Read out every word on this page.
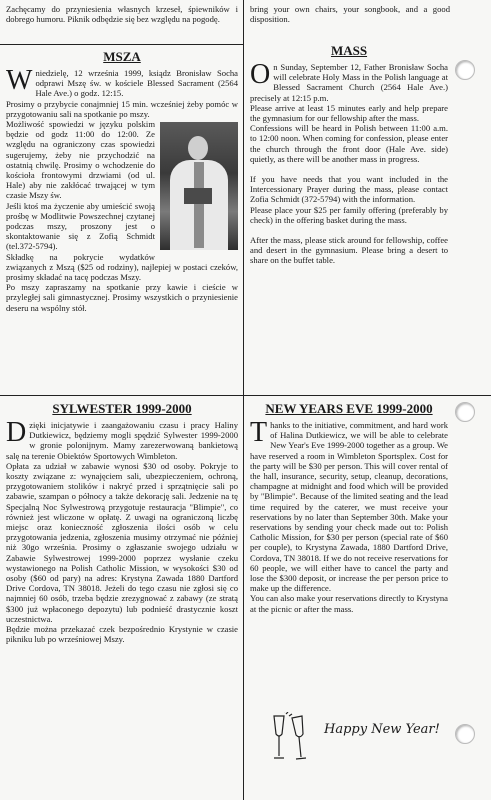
Zachęcamy do przyniesienia własnych krzeseł, śpiewników i dobrego humoru. Piknik odbędzie się bez względu na pogodę.

bring your own chairs, your songbook, and a good disposition.

MSZA
W niedzielę, 12 września 1999, ksiądz Bronisław Socha odprawi Mszę św. w kościele Blessed Sacrament (2564 Hale Ave.) o godz. 12:15.

Prosimy o przybycie conajmniej 15 min. wcześniej żeby pomóc w przygotowaniu sali na spotkanie po mszy.

Możliwość spowiedzi w języku polskim będzie od godz 11:00 do 12:00. Ze względu na ograniczony czas spowiedzi sugerujemy, żeby nie przychodzić na ostatnią chwilę. Prosimy o wchodzenie do kościoła frontowymi drzwiami (od ul. Hale) aby nie zakłócać trwającej w tym czasie Mszy św.

Jeśli ktoś ma życzenie aby umieścić swoją prośbę w Modlitwie Powszechnej czytanej podczas mszy, proszony jest o skontaktowanie się z Zofią Schmidt (tel.372-5794).

Składkę na pokrycie wydatków związanych z Mszą ($25 od rodziny), najlepiej w postaci czeków, prosimy składać na tacę podczas Mszy.

Po mszy zapraszamy na spotkanie przy kawie i cieście w przyległej sali gimnastycznej. Prosimy wszystkich o przyniesienie deseru na wspólny stół.

MASS
O n Sunday, September 12, Father Bronisław Socha will celebrate Holy Mass in the Polish language at Blessed Sacrament Church (2564 Hale Ave.) precisely at 12:15 p.m.

Please arrive at least 15 minutes early and help prepare the gymnasium for our fellowship after the mass.

Confessions will be heard in Polish between 11:00 a.m. to 12:00 noon. When coming for confession, please enter the church through the front door (Hale Ave. side) quietly, as there will be another mass in progress.

If you have needs that you want included in the Intercessionary Prayer during the mass, please contact Zofia Schmidt (372-5794) with the information.

Please place your $25 per family offering (preferably by check) in the offering basket during the mass.

After the mass, please stick around for fellowship, coffee and desert in the gymnasium. Please bring a desert to share on the buffet table.

SYLWESTER 1999-2000
D zięki inicjatywie i zaangażowaniu czasu i pracy Haliny Dutkiewicz, będziemy mogli spędzić Sylwester 1999-2000 w gronie polonijnym. Mamy zarezerwowaną bankietową salę na terenie Obiektów Sportowych Wimbleton.

Opłata za udział w zabawie wynosi $30 od osoby. Pokryje to koszty związane z: wynajęciem sali, ubezpieczeniem, ochroną, przygotowaniem stolików i nakryć przed i sprzątnięcie sali po zabawie, szampan o północy a także dekorację sali. Jedzenie na tę Specjalną Noc Sylwestrową przygotuje restauracja "Blimpie", co również jest wliczone w opłatę. Z uwagi na ograniczoną liczbę miejsc oraz konieczność zgłoszenia ilości osób w celu przygotowania jedzenia, zgłoszenia musimy otrzymać nie później niż 30go września. Prosimy o zgłaszanie swojego udziału w Zabawie Sylwestrowej 1999-2000 poprzez wysłanie czeku wystawionego na Polish Catholic Mission, w wysokości $30 od osoby ($60 od pary) na adres: Krystyna Zawada 1880 Dartford Drive Cordova, TN 38018. Jeżeli do tego czasu nie zgłosi się co najmniej 60 osób, trzeba będzie zrezygnować z zabawy (ze stratą $300 już wpłaconego depozytu) lub podnieść drastycznie koszt uczestnictwa.

Będzie można przekazać czek bezpośrednio Krystynie w czasie pikniku lub po wrześniowej Mszy.

NEW YEARS EVE 1999-2000
T hanks to the initiative, commitment, and hard work of Halina Dutkiewicz, we will be able to celebrate New Year's Eve 1999-2000 together as a group. We have reserved a room in Wimbleton Sportsplex. Cost for the party will be $30 per person. This will cover rental of the hall, insurance, security, setup, cleanup, decorations, champagne at midnight and food which will be provided by "Blimpie". Because of the limited seating and the lead time required by the caterer, we must receive your reservations by no later than September 30th. Make your reservations by sending your check made out to: Polish Catholic Mission, for $30 per person (special rate of $60 per couple), to Krystyna Zawada, 1880 Dartford Drive, Cordova, TN 38018. If we do not receive reservations for 60 people, we will either have to cancel the party and lose the $300 deposit, or increase the per person price to make up the difference.

You can also make your reservations directly to Krystyna at the picnic or after the mass.

Happy New Year!
